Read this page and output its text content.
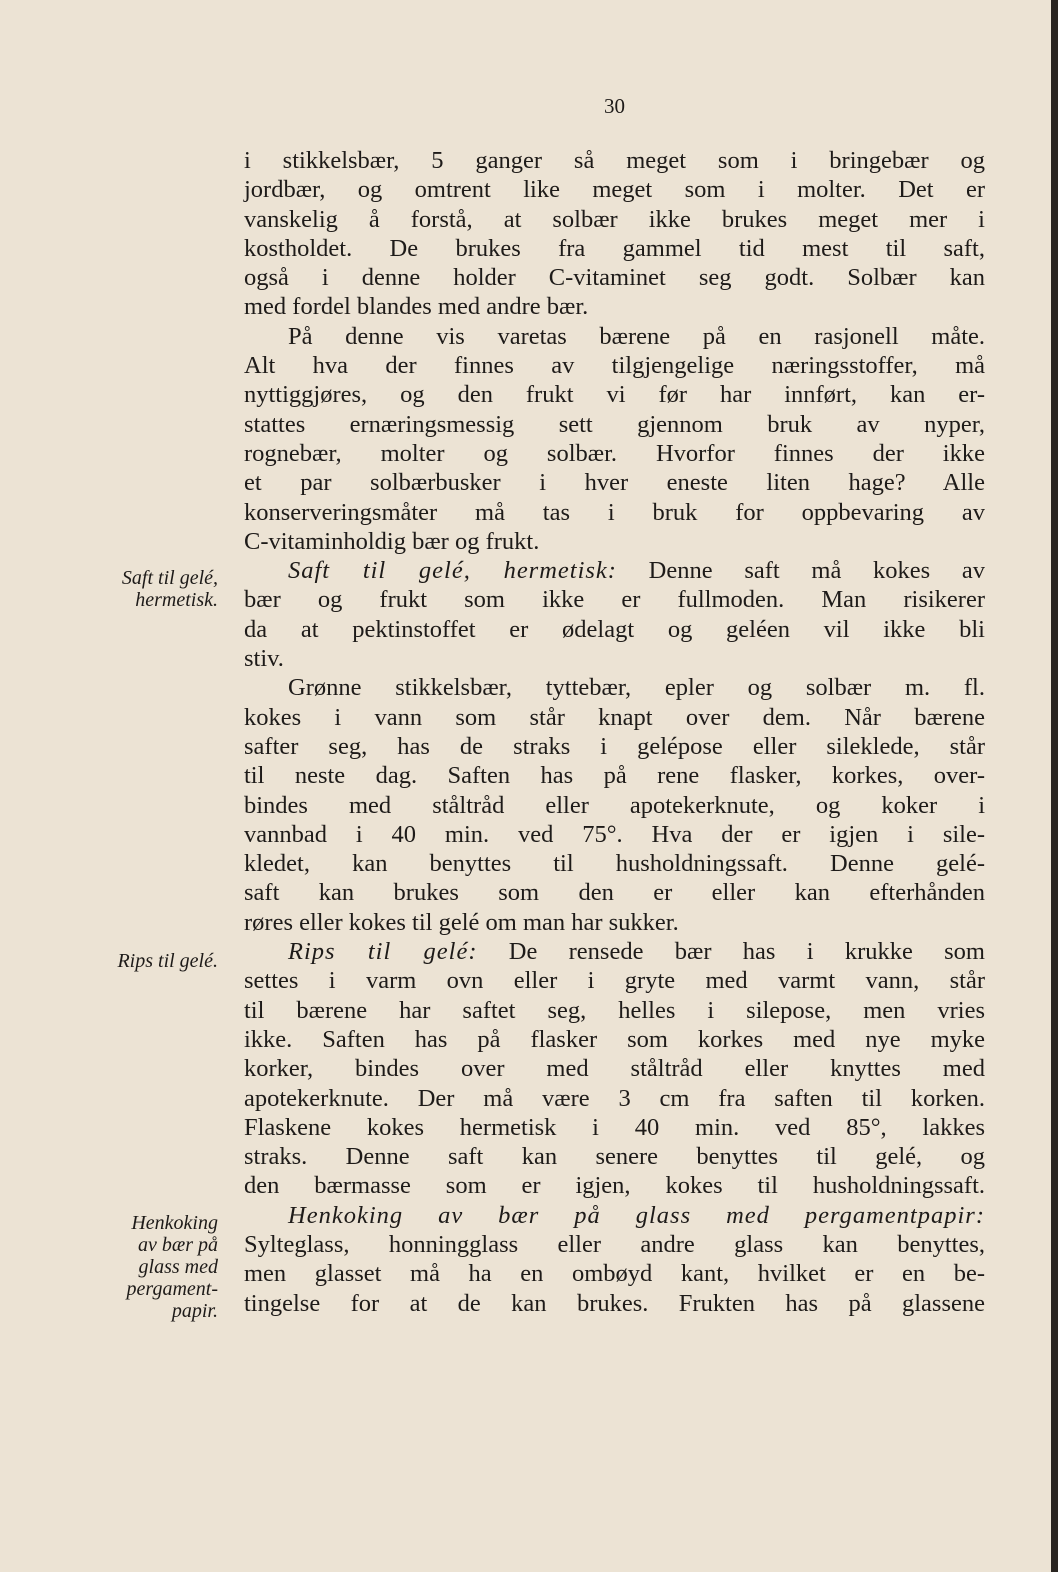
30
Saft til gelé,
hermetisk.
Rips til gelé.
Henkoking
av bær på
glass med
pergament-
papir.
i stikkelsbær, 5 ganger så meget som i bringebær og
jordbær, og omtrent like meget som i molter. Det er
vanskelig å forstå, at solbær ikke brukes meget mer i
kostholdet. De brukes fra gammel tid mest til saft,
også i denne holder C-vitaminet seg godt. Solbær kan
med fordel blandes med andre bær.
På denne vis varetas bærene på en rasjonell måte.
Alt hva der finnes av tilgjengelige næringsstoffer, må
nyttiggjøres, og den frukt vi før har innført, kan er-
stattes ernæringsmessig sett gjennom bruk av nyper,
rognebær, molter og solbær. Hvorfor finnes der ikke
et par solbærbusker i hver eneste liten hage? Alle
konserveringsmåter må tas i bruk for oppbevaring av
C-vitaminholdig bær og frukt.
Saft til gelé, hermetisk: Denne saft må kokes av
bær og frukt som ikke er fullmoden. Man risikerer
da at pektinstoffet er ødelagt og geléen vil ikke bli
stiv.
Grønne stikkelsbær, tyttebær, epler og solbær m. fl.
kokes i vann som står knapt over dem. Når bærene
safter seg, has de straks i gelépose eller sileklede, står
til neste dag. Saften has på rene flasker, korkes, over-
bindes med ståltråd eller apotekerknute, og koker i
vannbad i 40 min. ved 75°. Hva der er igjen i sile-
kledet, kan benyttes til husholdningssaft. Denne gelé-
saft kan brukes som den er eller kan efterhånden
røres eller kokes til gelé om man har sukker.
Rips til gelé: De rensede bær has i krukke som
settes i varm ovn eller i gryte med varmt vann, står
til bærene har saftet seg, helles i silepose, men vries
ikke. Saften has på flasker som korkes med nye myke
korker, bindes over med ståltråd eller knyttes med
apotekerknute. Der må være 3 cm fra saften til korken.
Flaskene kokes hermetisk i 40 min. ved 85°, lakkes
straks. Denne saft kan senere benyttes til gelé, og
den bærmasse som er igjen, kokes til husholdningssaft.
Henkoking av bær på glass med pergamentpapir:
Sylteglass, honningglass eller andre glass kan benyttes,
men glasset må ha en ombøyd kant, hvilket er en be-
tingelse for at de kan brukes. Frukten has på glassene
